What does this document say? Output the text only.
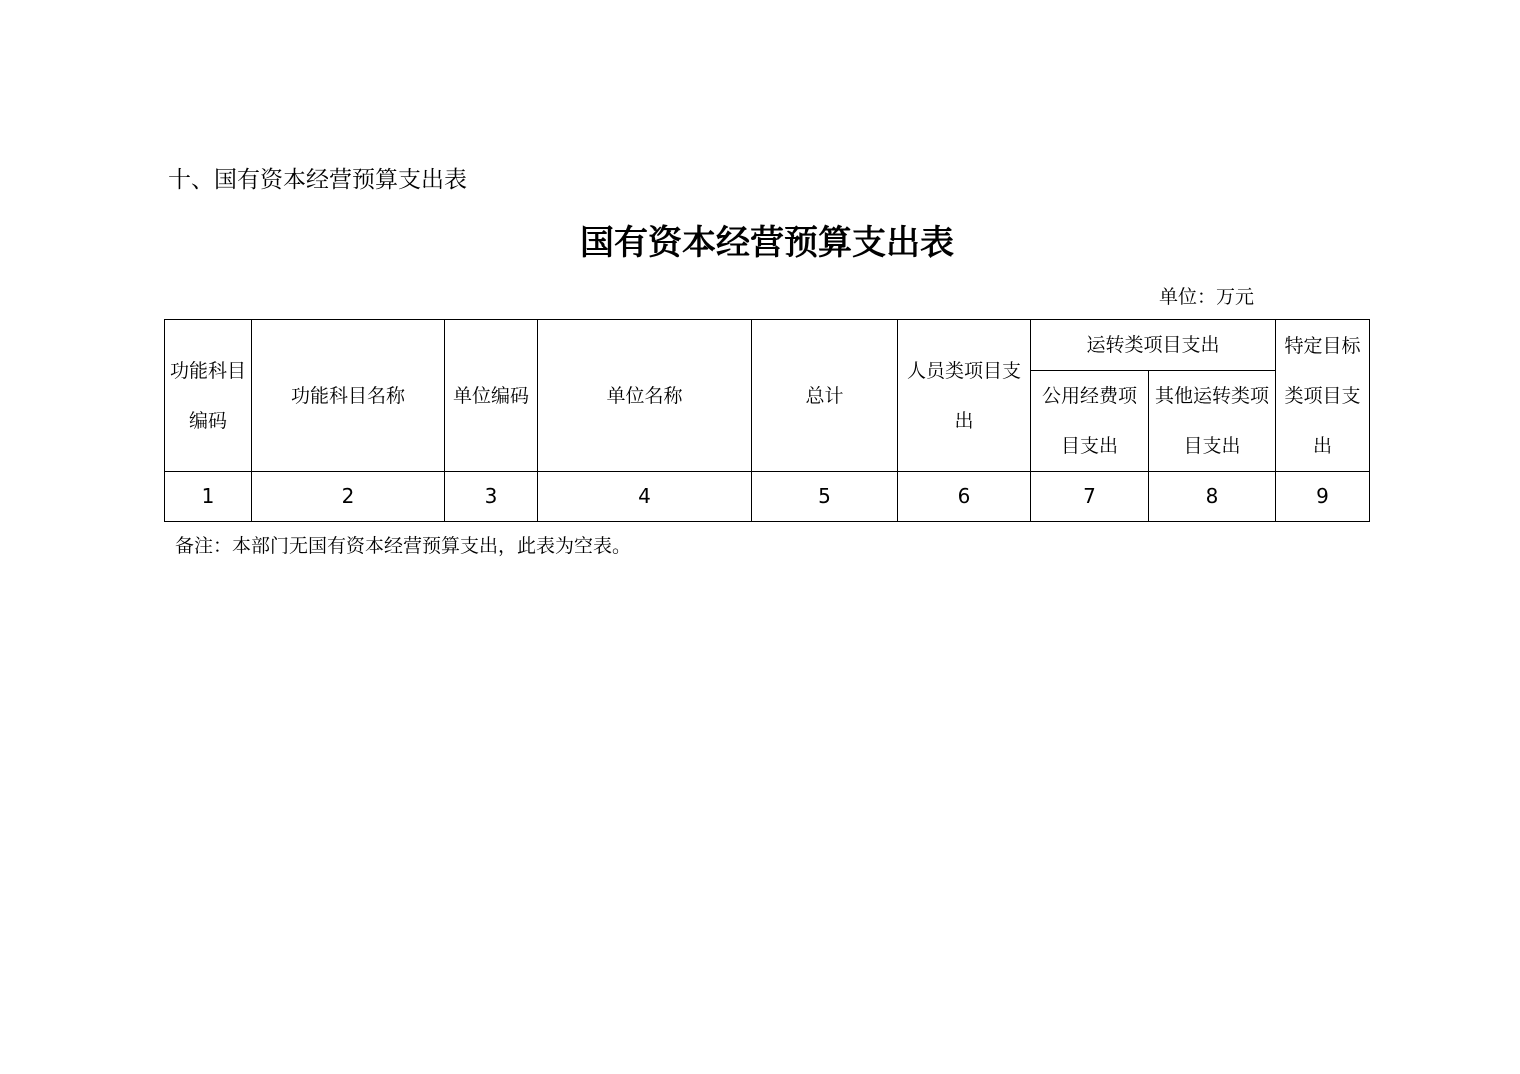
十、国有资本经营预算支出表
国有资本经营预算支出表
单位：万元
功能科目编码	功能科目名称	单位编码	单位名称	总计	人员类项目支出	运转类项目支出		特定目标类项目支出
						公用经费项目支出	其他运转类项目支出	
1	2	3	4	5	6	7	8	9
备注：本部门无国有资本经营预算支出，此表为空表。
